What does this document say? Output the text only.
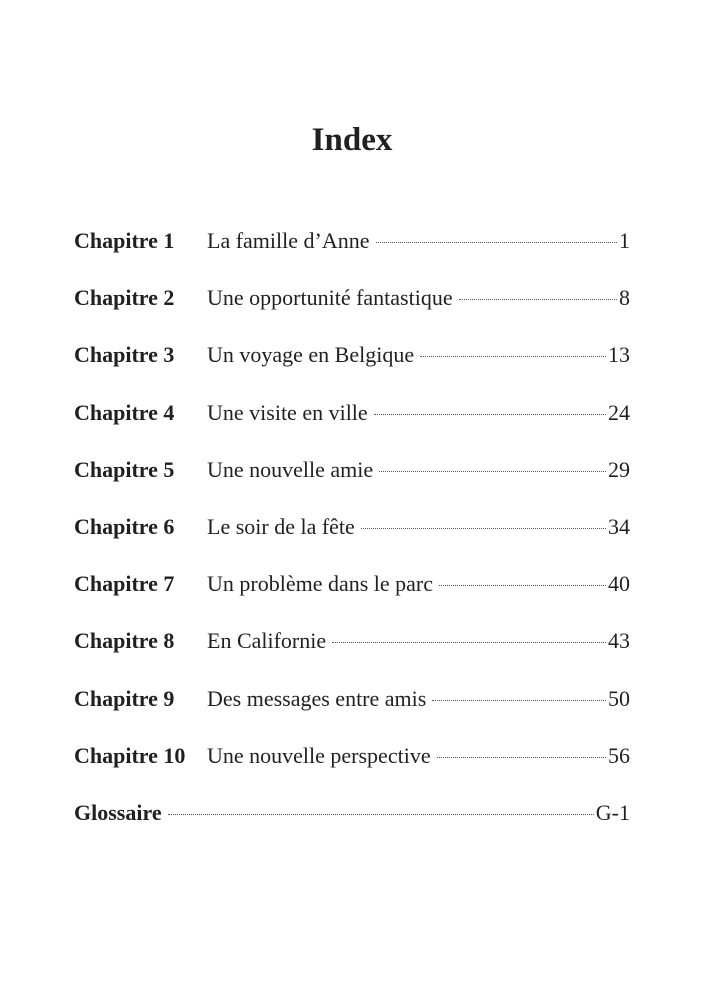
Index
Chapitre 1	La famille d’Anne	1
Chapitre 2	Une opportunité fantastique	8
Chapitre 3	Un voyage en Belgique	13
Chapitre 4	Une visite en ville	24
Chapitre 5	Une nouvelle amie	29
Chapitre 6	Le soir de la fête	34
Chapitre 7	Un problème dans le parc	40
Chapitre 8	En Californie	43
Chapitre 9	Des messages entre amis	50
Chapitre 10 Une nouvelle perspective	56
Glossaire	G-1
